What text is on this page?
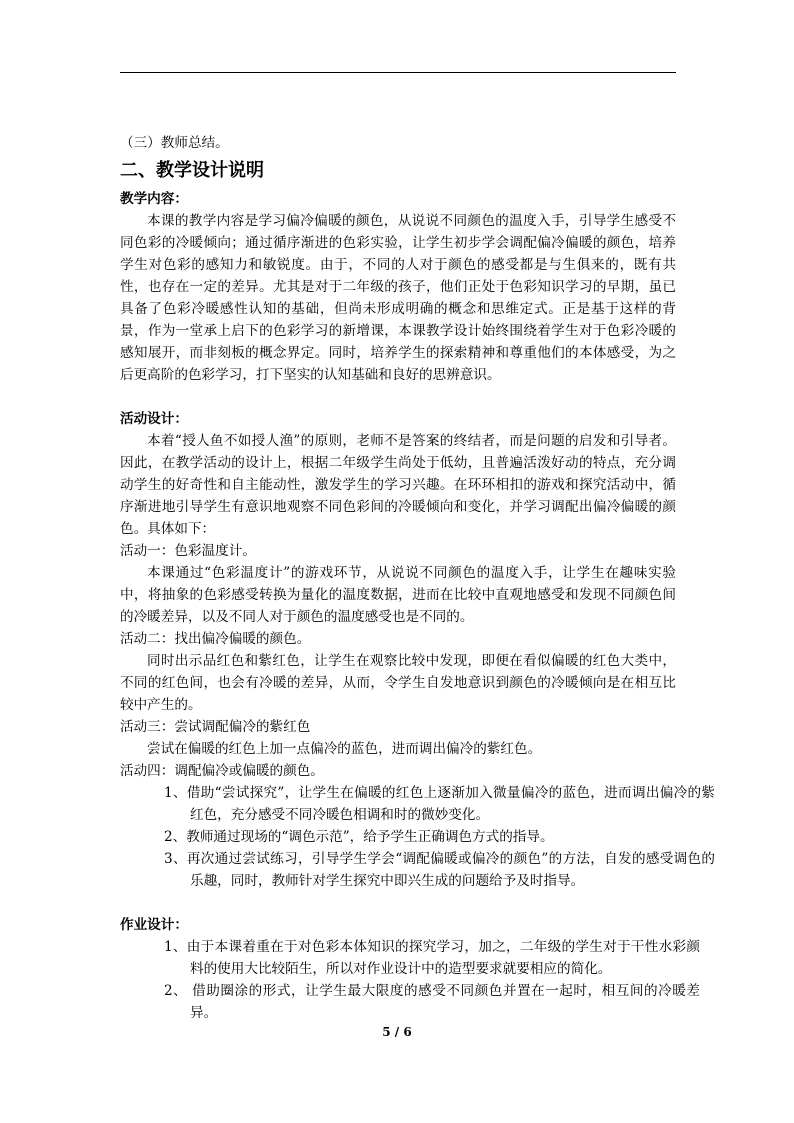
（三）教师总结。

二、教学设计说明

教学内容：

本课的教学内容是学习偏冷偏暖的颜色，从说说不同颜色的温度入手，引导学生感受不同色彩的冷暖倾向；通过循序渐进的色彩实验，让学生初步学会调配偏冷偏暖的颜色，培养学生对色彩的感知力和敏锐度。由于，不同的人对于颜色的感受都是与生俱来的，既有共性，也存在一定的差异。尤其是对于二年级的孩子，他们正处于色彩知识学习的早期，虽已具备了色彩冷暖感性认知的基础，但尚未形成明确的概念和思维定式。正是基于这样的背景，作为一堂承上启下的色彩学习的新增课，本课教学设计始终围绕着学生对于色彩冷暖的感知展开，而非刻板的概念界定。同时，培养学生的探索精神和尊重他们的本体感受，为之后更高阶的色彩学习，打下坚实的认知基础和良好的思辨意识。

活动设计：

本着“授人鱼不如授人渔”的原则，老师不是答案的终结者，而是问题的启发和引导者。因此，在教学活动的设计上，根据二年级学生尚处于低幼，且普遍活泼好动的特点，充分调动学生的好奇性和自主能动性，激发学生的学习兴趣。在环环相扣的游戏和探究活动中，循序渐进地引导学生有意识地观察不同色彩间的冷暖倾向和变化，并学习调配出偏冷偏暖的颜色。具体如下：

活动一：色彩温度计。

本课通过“色彩温度计”的游戏环节，从说说不同颜色的温度入手，让学生在趣味实验中，将抽象的色彩感受转换为量化的温度数据，进而在比较中直观地感受和发现不同颜色间的冷暖差异，以及不同人对于颜色的温度感受也是不同的。

活动二：找出偏冷偏暖的颜色。

同时出示品红色和紫红色，让学生在观察比较中发现，即便在看似偏暖的红色大类中，不同的红色间，也会有冷暖的差异，从而，令学生自发地意识到颜色的冷暖倾向是在相互比较中产生的。

活动三：尝试调配偏冷的紫红色

尝试在偏暖的红色上加一点偏冷的蓝色，进而调出偏冷的紫红色。

活动四：调配偏冷或偏暖的颜色。

1、借助“尝试探究”，让学生在偏暖的红色上逐渐加入微量偏冷的蓝色，进而调出偏冷的紫红色，充分感受不同冷暖色相调和时的微妙变化。
2、教师通过现场的“调色示范”，给予学生正确调色方式的指导。
3、再次通过尝试练习，引导学生学会“调配偏暖或偏冷的颜色”的方法，自发的感受调色的乐趣，同时，教师针对学生探究中即兴生成的问题给予及时指导。

作业设计：

1、由于本课着重在于对色彩本体知识的探究学习，加之，二年级的学生对于干性水彩颜料的使用大比较陌生，所以对作业设计中的造型要求就要相应的简化。
2、 借助圈涂的形式，让学生最大限度的感受不同颜色并置在一起时，相互间的冷暖差异。
5 / 6
